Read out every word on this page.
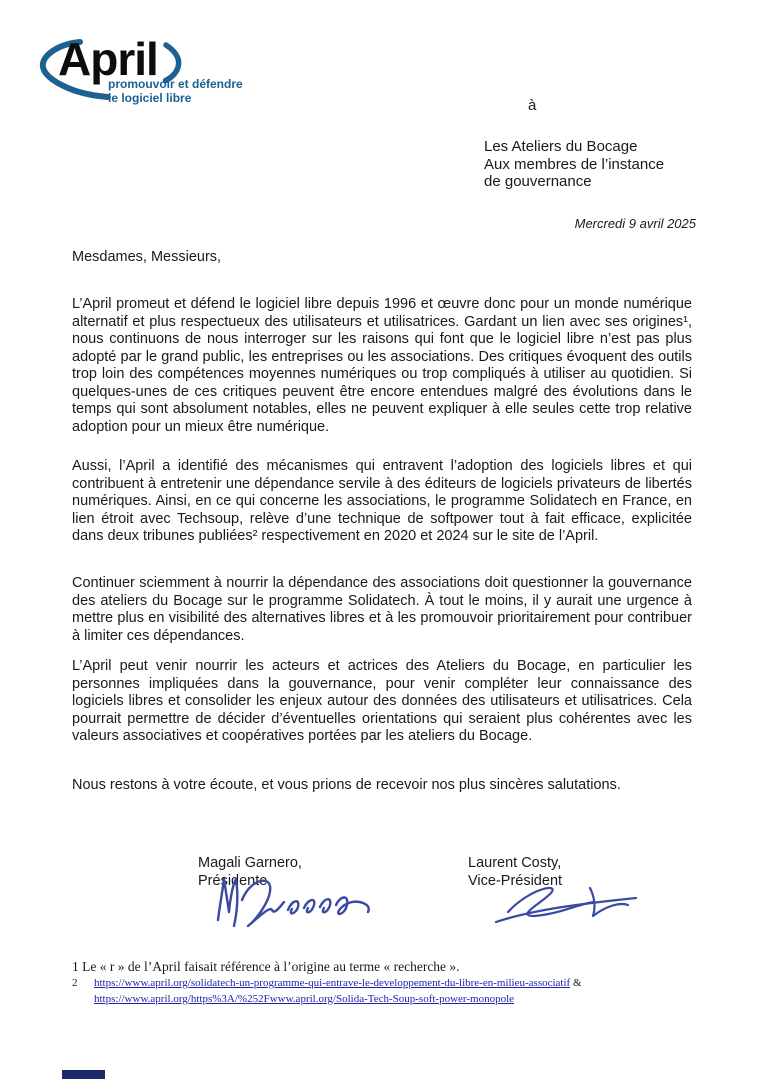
April
promouvoir et défendre
le logiciel libre	à
Les Ateliers du Bocage
Aux membres de l’instance
de gouvernance
Mercredi 9 avril 2025
Mesdames, Messieurs,
L’April promeut et défend le logiciel libre depuis 1996 et œuvre donc pour un monde numérique alternatif et plus respectueux des utilisateurs et utilisatrices. Gardant un lien avec ses origines¹, nous continuons de nous interroger sur les raisons qui font que le logiciel libre n’est pas plus adopté par le grand public, les entreprises ou les associations. Des critiques évoquent des outils trop loin des compétences moyennes numériques ou trop compliqués à utiliser au quotidien. Si quelques-unes de ces critiques peuvent être encore entendues malgré des évolutions dans le temps qui sont absolument notables, elles ne peuvent expliquer à elle seules cette trop relative adoption pour un mieux être numérique.
Aussi, l’April a identifié des mécanismes qui entravent l’adoption des logiciels libres et qui contribuent à entretenir une dépendance servile à des éditeurs de logiciels privateurs de libertés numériques. Ainsi, en ce qui concerne les associations, le programme Solidatech en France, en lien étroit avec Techsoup, relève d’une technique de softpower tout à fait efficace, explicitée dans deux tribunes publiées² respectivement en 2020 et 2024 sur le site de l’April.
Continuer sciemment à nourrir la dépendance des associations doit questionner la gouvernance des ateliers du Bocage sur le programme Solidatech. À tout le moins, il y aurait une urgence à mettre plus en visibilité des alternatives libres et à les promouvoir prioritairement pour contribuer à limiter ces dépendances.
L’April peut venir nourrir les acteurs et actrices des Ateliers du Bocage, en particulier les personnes impliquées dans la gouvernance, pour venir compléter leur connaissance des logiciels libres et consolider les enjeux autour des données des utilisateurs et utilisatrices. Cela pourrait permettre de décider d’éventuelles orientations qui seraient plus cohérentes avec les valeurs associatives et coopératives portées par les ateliers du Bocage.
Nous restons à votre écoute, et vous prions de recevoir nos plus sincères salutations.
Magali Garnero,
Présidente
Laurent Costy,
Vice-Président
1 Le « r » de l’April faisait référence à l’origine au terme « recherche ».
2 https://www.april.org/solidatech-un-programme-qui-entrave-le-developpement-du-libre-en-milieu-associatif &
https://www.april.org/https%3A/%252Fwww.april.org/Solida-Tech-Soup-soft-power-monopole
